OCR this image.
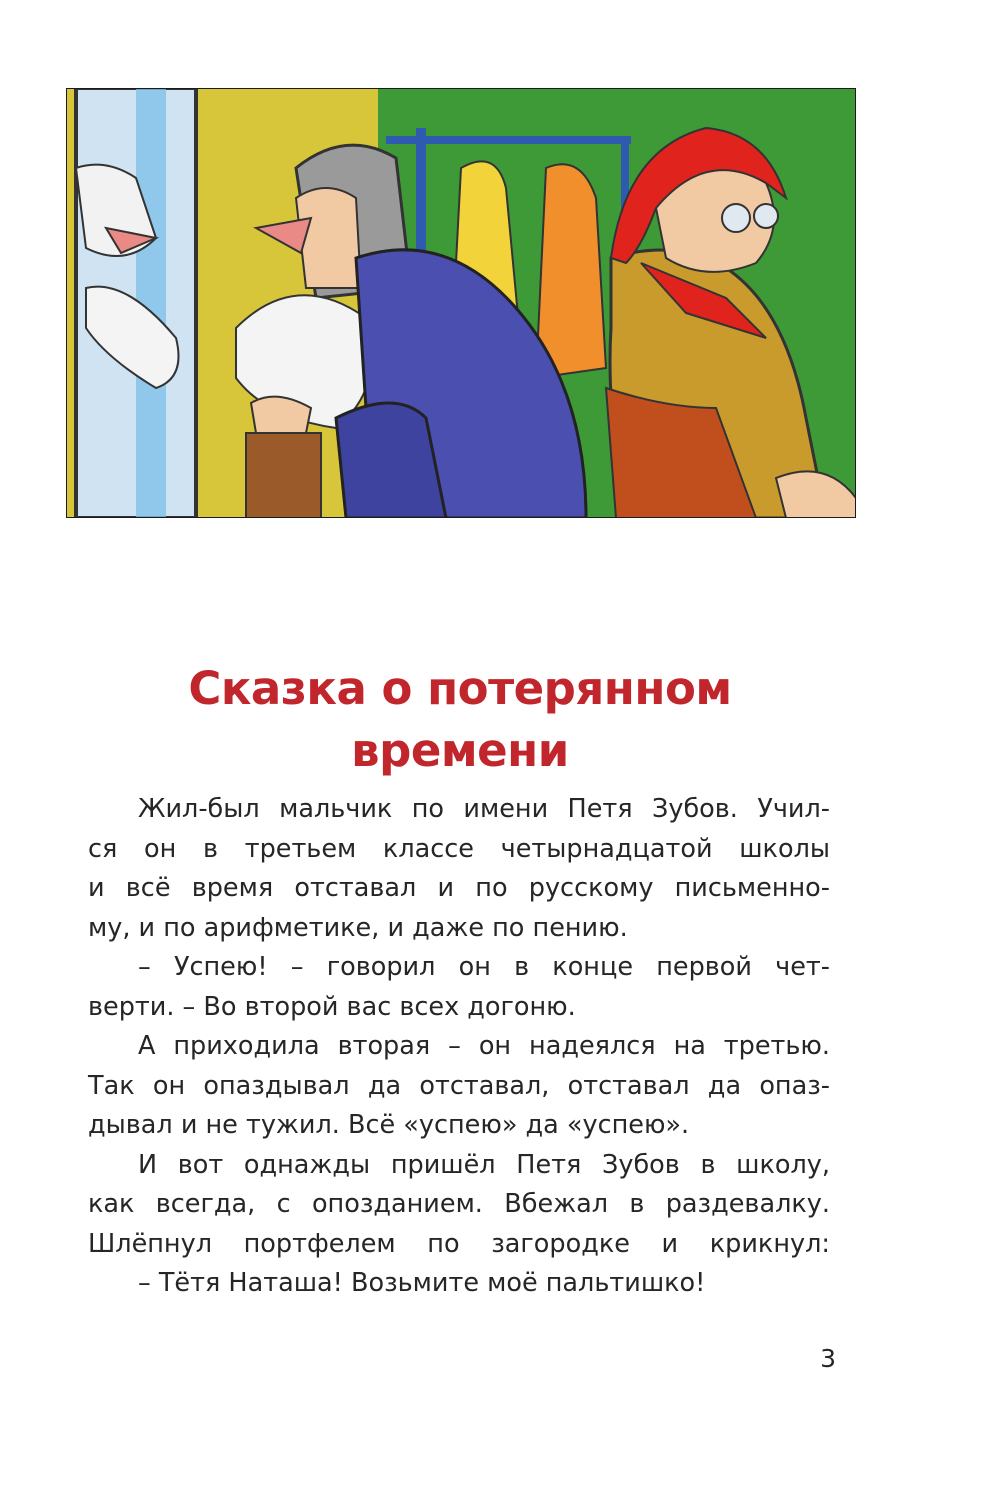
Сказка о потерянном
времени
Жил-был мальчик по имени Петя Зубов. Учил-
ся он в третьем классе четырнадцатой школы
и всё время отставал и по русскому письменно-
му, и по арифметике, и даже по пению.
– Успею! – говорил он в конце первой чет-
верти. – Во второй вас всех догоню.
А приходила вторая – он надеялся на третью.
Так он опаздывал да отставал, отставал да опаз-
дывал и не тужил. Всё «успею» да «успею».
И вот однажды пришёл Петя Зубов в школу,
как всегда, с опозданием. Вбежал в раздевалку.
Шлёпнул портфелем по загородке и крикнул:
– Тётя Наташа! Возьмите моё пальтишко!
3
